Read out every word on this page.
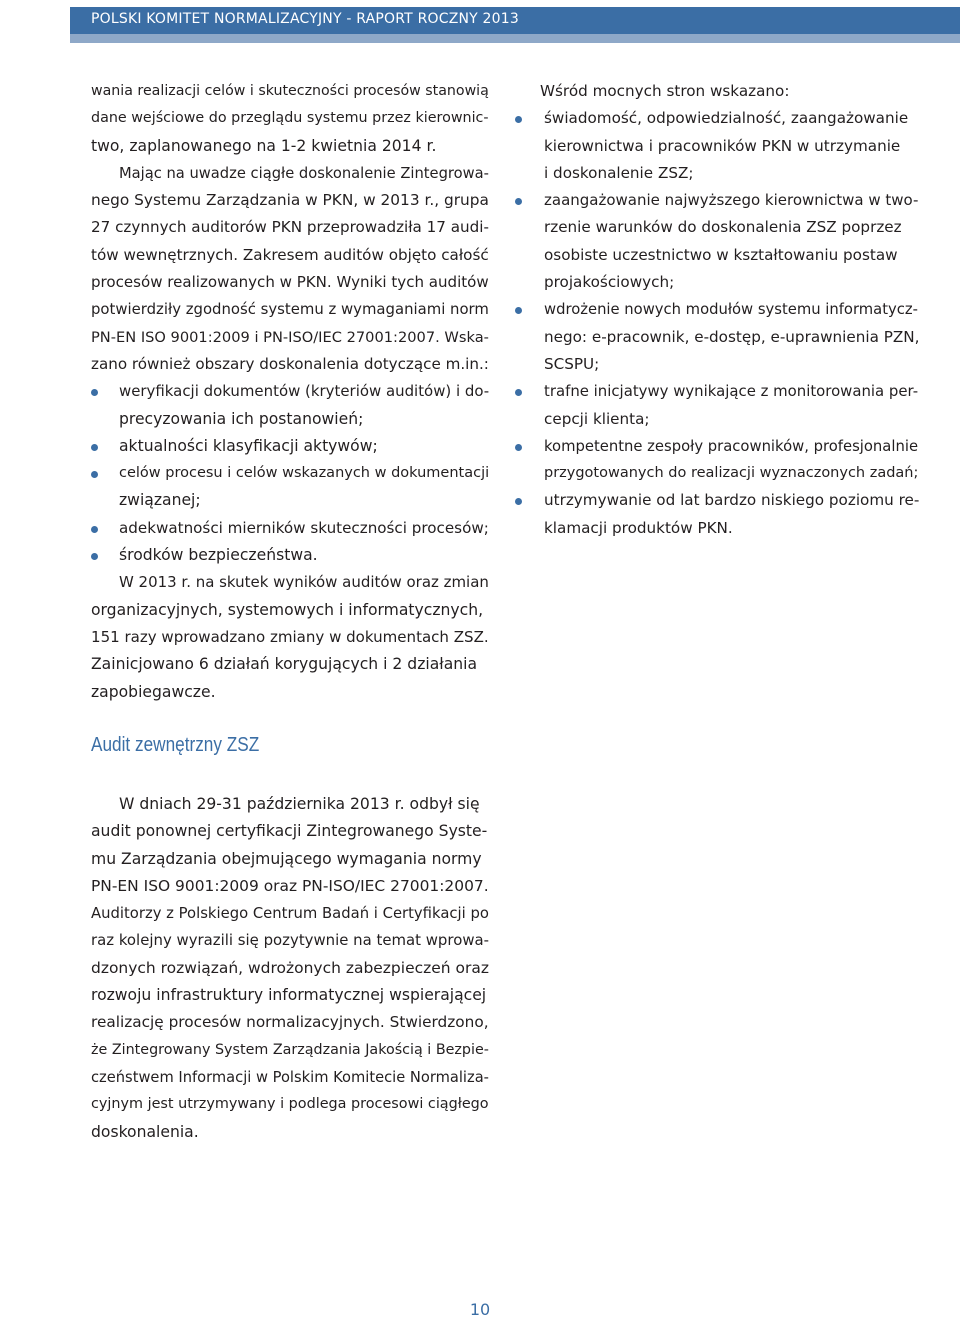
POLSKI KOMITET NORMALIZACYJNY - RAPORT ROCZNY 2013
wania realizacji celów i skuteczności procesów stanowią
dane wejściowe do przeglądu systemu przez kierownic-
two, zaplanowanego na 1-2 kwietnia 2014 r.
Mając na uwadze ciągłe doskonalenie Zintegrowa-
nego Systemu Zarządzania w PKN, w 2013 r., grupa
27 czynnych auditorów PKN przeprowadziła 17 audi-
tów wewnętrznych. Zakresem auditów objęto całość
procesów realizowanych w PKN. Wyniki tych auditów
potwierdziły zgodność systemu z wymaganiami norm
PN-EN ISO 9001:2009 i PN-ISO/IEC 27001:2007. Wska-
zano również obszary doskonalenia dotyczące m.in.:
weryfikacji dokumentów (kryteriów auditów) i do-
precyzowania ich postanowień;
aktualności klasyfikacji aktywów;
celów procesu i celów wskazanych w dokumentacji
związanej;
adekwatności mierników skuteczności procesów;
środków bezpieczeństwa.
W 2013 r. na skutek wyników auditów oraz zmian
organizacyjnych, systemowych i informatycznych,
151 razy wprowadzano zmiany w dokumentach ZSZ.
Zainicjowano 6 działań korygujących i 2 działania
zapobiegawcze.
Wśród mocnych stron wskazano:
świadomość, odpowiedzialność, zaangażowanie
kierownictwa i pracowników PKN w utrzymanie
i doskonalenie ZSZ;
zaangażowanie najwyższego kierownictwa w two-
rzenie warunków do doskonalenia ZSZ poprzez
osobiste uczestnictwo w kształtowaniu postaw
projakościowych;
wdrożenie nowych modułów systemu informatycz-
nego: e-pracownik, e-dostęp, e-uprawnienia PZN,
SCSPU;
trafne inicjatywy wynikające z monitorowania per-
cepcji klienta;
kompetentne zespoły pracowników, profesjonalnie
przygotowanych do realizacji wyznaczonych zadań;
utrzymywanie od lat bardzo niskiego poziomu re-
klamacji produktów PKN.
Audit zewnętrzny ZSZ
W dniach 29-31 października 2013 r. odbył się
audit ponownej certyfikacji Zintegrowanego Syste-
mu Zarządzania obejmującego wymagania normy
PN-EN ISO 9001:2009 oraz PN-ISO/IEC 27001:2007.
Auditorzy z Polskiego Centrum Badań i Certyfikacji po
raz kolejny wyrazili się pozytywnie na temat wprowa-
dzonych rozwiązań, wdrożonych zabezpieczeń oraz
rozwoju infrastruktury informatycznej wspierającej
realizację procesów normalizacyjnych. Stwierdzono,
że Zintegrowany System Zarządzania Jakością i Bezpie-
czeństwem Informacji w Polskim Komitecie Normaliza-
cyjnym jest utrzymywany i podlega procesowi ciągłego
doskonalenia.
10
